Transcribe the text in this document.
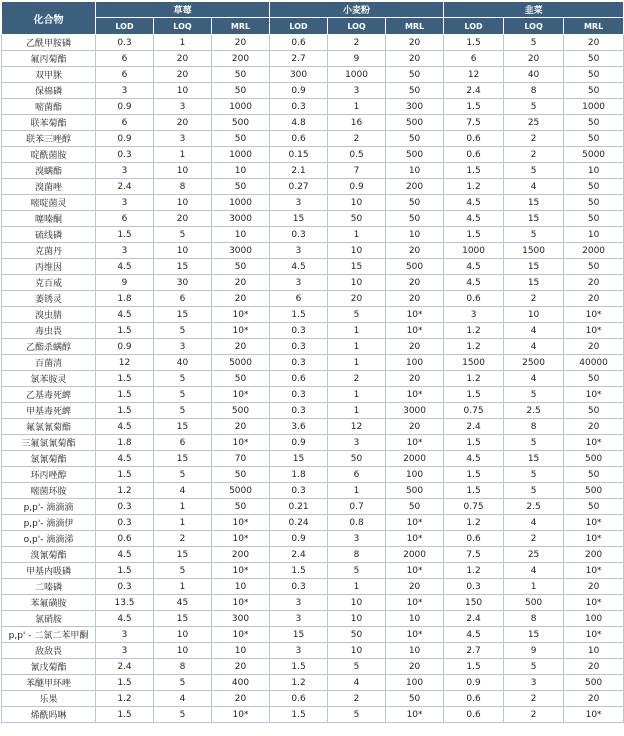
化合物	草莓			小麦粉			韭菜		
	LOD	LOQ	MRL	LOD	LOQ	MRL	LOD	LOQ	MRL
乙酰甲胺磷	0.3	1	20	0.6	2	20	1.5	5	20
氟丙菊酯	6	20	200	2.7	9	20	6	20	50
双甲脒	6	20	50	300	1000	50	12	40	50
保棉磷	3	10	50	0.9	3	50	2.4	8	50
嘧菌酯	0.9	3	1000	0.3	1	300	1.5	5	1000
联苯菊酯	6	20	500	4.8	16	500	7.5	25	50
联苯三唑醇	0.9	3	50	0.6	2	50	0.6	2	50
啶酰菌胺	0.3	1	1000	0.15	0.5	500	0.6	2	5000
溴螨酯	3	10	10	2.1	7	10	1.5	5	10
溴菌唑	2.4	8	50	0.27	0.9	200	1.2	4	50
嘧啶菌灵	3	10	1000	3	10	50	4.5	15	50
噻嗪酮	6	20	3000	15	50	50	4.5	15	50
硫线磷	1.5	5	10	0.3	1	10	1.5	5	10
克菌丹	3	10	3000	3	10	20	1000	1500	2000
丙维因	4.5	15	50	4.5	15	500	4.5	15	50
克百威	9	30	20	3	10	20	4.5	15	20
萎锈灵	1.8	6	20	6	20	20	0.6	2	20
溴虫腈	4.5	15	10*	1.5	5	10*	3	10	10*
毒虫畏	1.5	5	10*	0.3	1	10*	1.2	4	10*
乙酯杀螨醇	0.9	3	20	0.3	1	20	1.2	4	20
百菌清	12	40	5000	0.3	1	100	1500	2500	40000
氯苯胺灵	1.5	5	50	0.6	2	20	1.2	4	50
乙基毒死蜱	1.5	5	10*	0.3	1	10*	1.5	5	10*
甲基毒死蜱	1.5	5	500	0.3	1	3000	0.75	2.5	50
氟氯氰菊酯	4.5	15	20	3.6	12	20	2.4	8	20
三氟氯氰菊酯	1.8	6	10*	0.9	3	10*	1.5	5	10*
氯氰菊酯	4.5	15	70	15	50	2000	4.5	15	500
环丙唑醇	1.5	5	50	1.8	6	100	1.5	5	50
嘧菌环胺	1.2	4	5000	0.3	1	500	1.5	5	500
p,p'- 滴滴滴	0.3	1	50	0.21	0.7	50	0.75	2.5	50
p,p'- 滴滴伊	0.3	1	10*	0.24	0.8	10*	1.2	4	10*
o,p'- 滴滴涕	0.6	2	10*	0.9	3	10*	0.6	2	10*
溴氰菊酯	4.5	15	200	2.4	8	2000	7.5	25	200
甲基内吸磷	1.5	5	10*	1.5	5	10*	1.2	4	10*
二嗪磷	0.3	1	10	0.3	1	20	0.3	1	20
苯氟磺胺	13.5	45	10*	3	10	10*	150	500	10*
氯硝胺	4.5	15	300	3	10	10	2.4	8	100
p,p' - 二氯二苯甲酮	3	10	10*	15	50	10*	4.5	15	10*
敌敌畏	3	10	10	3	10	10	2.7	9	10
氰戊菊酯	2.4	8	20	1.5	5	20	1.5	5	20
苯醚甲环唑	1.5	5	400	1.2	4	100	0.9	3	500
乐果	1.2	4	20	0.6	2	50	0.6	2	20
烯酰吗啉	1.5	5	10*	1.5	5	10*	0.6	2	10*
